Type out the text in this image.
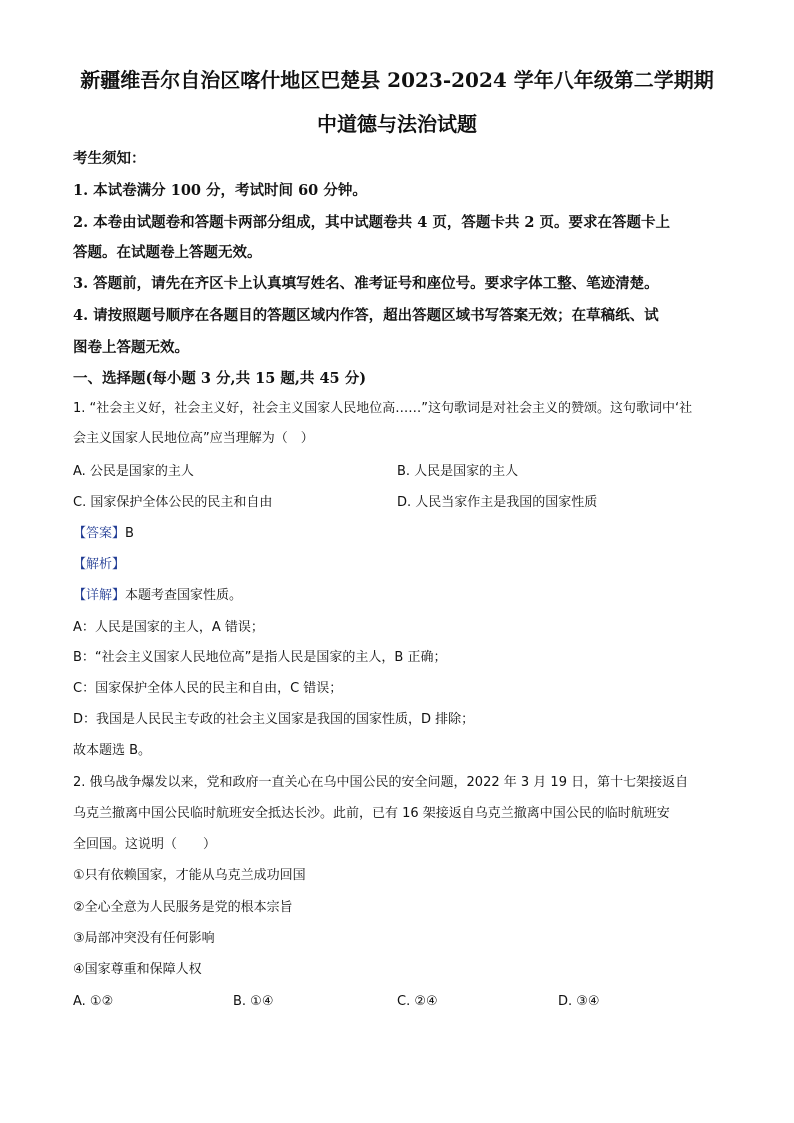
新疆维吾尔自治区喀什地区巴楚县 2023-2024 学年八年级第二学期期
中道德与法治试题
考生须知：
1. 本试卷满分 100 分，考试时间 60 分钟。
2. 本卷由试题卷和答题卡两部分组成，其中试题卷共 4 页，答题卡共 2 页。要求在答题卡上
答题。在试题卷上答题无效。
3. 答题前，请先在齐区卡上认真填写姓名、准考证号和座位号。要求字体工整、笔迹清楚。
4. 请按照题号顺序在各题目的答题区域内作答，超出答题区域书写答案无效；在草稿纸、试
图卷上答题无效。
一、选择题(每小题 3 分,共 15 题,共 45 分)
1. “社会主义好，社会主义好，社会主义国家人民地位高……”这句歌词是对社会主义的赞颂。这句歌词中‘社
会主义国家人民地位高”应当理解为（　）
A. 公民是国家的主人	B. 人民是国家的主人
C. 国家保护全体公民的民主和自由	D. 人民当家作主是我国的国家性质
【答案】B
【解析】
【详解】本题考查国家性质。
A：人民是国家的主人，A 错误；
B：“社会主义国家人民地位高”是指人民是国家的主人，B 正确；
C：国家保护全体人民的民主和自由，C 错误；
D：我国是人民民主专政的社会主义国家是我国的国家性质，D 排除；
故本题选 B。
2. 俄乌战争爆发以来，党和政府一直关心在乌中国公民的安全问题，2022 年 3 月 19 日，第十七架接返自
乌克兰撤离中国公民临时航班安全抵达长沙。此前，已有 16 架接返自乌克兰撤离中国公民的临时航班安
全回国。这说明（　　）
①只有依赖国家，才能从乌克兰成功回国
②全心全意为人民服务是党的根本宗旨
③局部冲突没有任何影响
④国家尊重和保障人权
A. ①②	B. ①④	C. ②④	D. ③④
